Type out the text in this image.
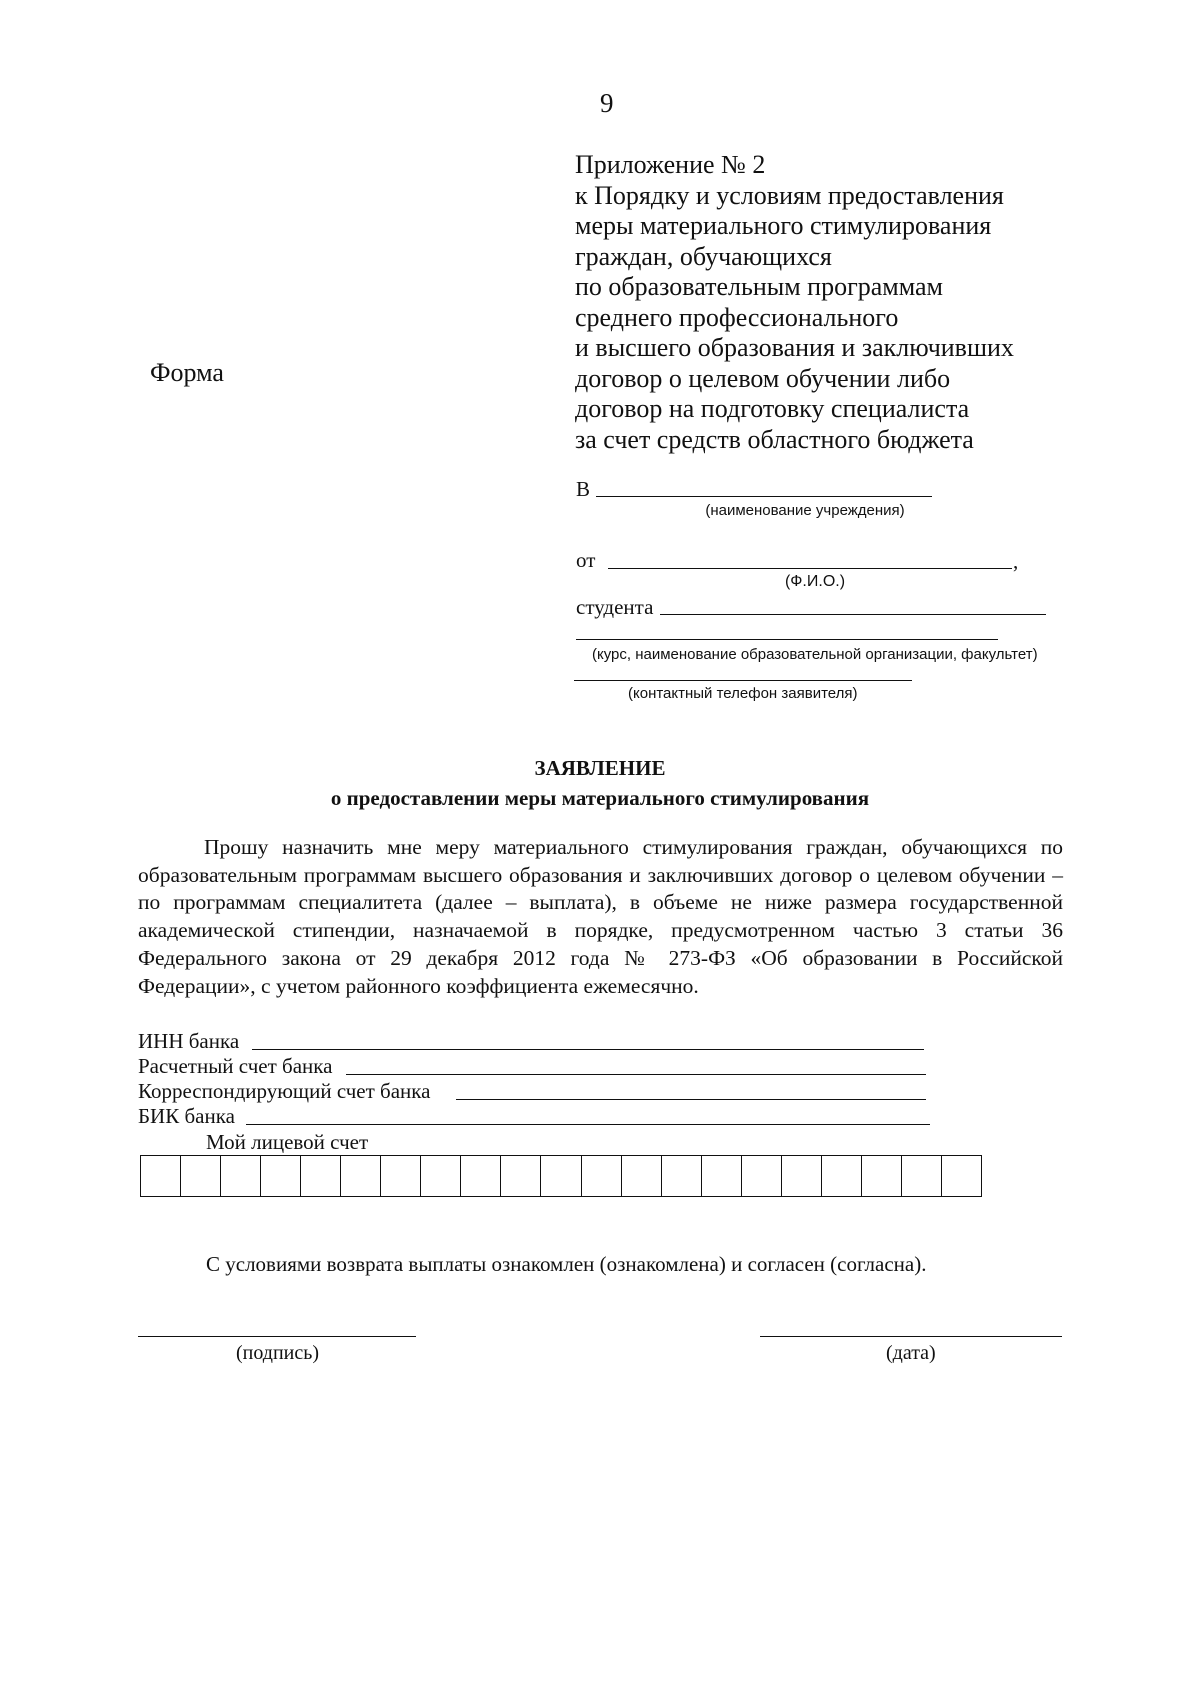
9
Приложение № 2
к Порядку и условиям предоставления
меры материального стимулирования
граждан, обучающихся
по образовательным программам
среднего профессионального
и высшего образования и заключивших
договор о целевом обучении либо
договор на подготовку специалиста
за счет средств областного бюджета
Форма
В
(наименование учреждения)
от	,
(Ф.И.О.)
студента
(курс, наименование образовательной организации, факультет)
(контактный телефон заявителя)
ЗАЯВЛЕНИЕ
о предоставлении меры материального стимулирования
Прошу назначить мне меру материального стимулирования граждан, обучающихся по образовательным программам высшего образования и заключивших договор о целевом обучении – по программам специалитета (далее – выплата), в объеме не ниже размера государственной академической стипендии, назначаемой в порядке, предусмотренном частью 3 статьи 36 Федерального закона от 29 декабря 2012 года № 273-ФЗ «Об образовании в Российской Федерации», с учетом районного коэффициента ежемесячно.
ИНН банка
Расчетный счет банка
Корреспондирующий счет банка
БИК банка
Мой лицевой счет
С условиями возврата выплаты ознакомлен (ознакомлена) и согласен (согласна).
(подпись)	(дата)
